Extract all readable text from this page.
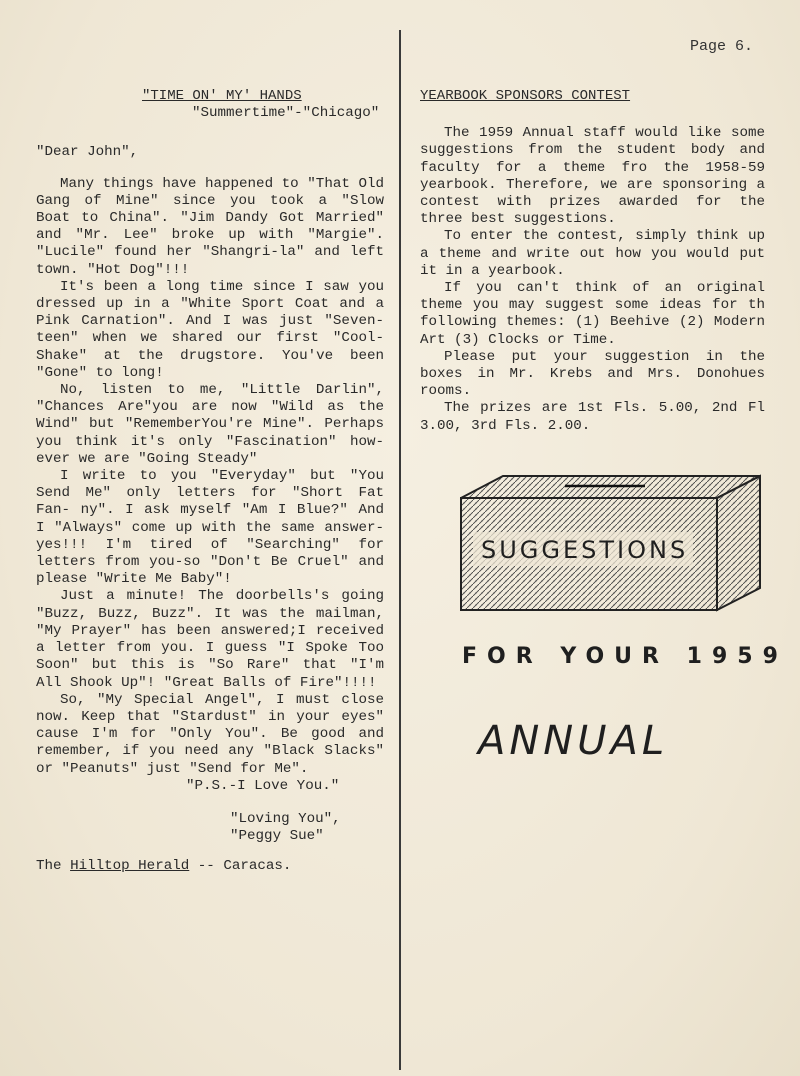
Page 6.
"TIME ON' MY' HANDS
"Summertime"-"Chicago"
"Dear John",

Many things have happened to "That Old Gang of Mine" since you took a "Slow Boat to China". "Jim Dandy Got Married" and "Mr. Lee" broke up with "Margie". "Lucile" found her "Shangri-la" and left town. "Hot Dog"!!!

It's been a long time since I saw you dressed up in a "White Sport Coat and a Pink Carnation". And I was just "Seven- teen" when we shared our first "Cool- Shake" at the drugstore. You've been "Gone" to long!

No, listen to me, "Little Darlin", "Chances Are"you are now "Wild as the Wind" but "RememberYou're Mine". Perhaps you think it's only "Fascination" how- ever we are "Going Steady"

I write to you "Everyday" but "You Send Me" only letters for "Short Fat Fan- ny". I ask myself "Am I Blue?" And I "Always" come up with the same answer- yes!!! I'm tired of "Searching" for letters from you-so "Don't Be Cruel" and please "Write Me Baby"!

Just a minute! The doorbells's going "Buzz, Buzz, Buzz". It was the mailman, "My Prayer" has been answered;I received a letter from you. I guess "I Spoke Too Soon" but this is "So Rare" that "I'm All Shook Up"! "Great Balls of Fire"!!!!

So, "My Special Angel", I must close now. Keep that "Stardust" in your eyes" cause I'm for "Only You". Be good and remember, if you need any "Black Slacks" or "Peanuts" just "Send for Me".

"P.S.-I Love You."
"Loving You",
"Peggy Sue"
The Hilltop Herald -- Caracas.
YEARBOOK SPONSORS CONTEST

The 1959 Annual staff would like some suggestions from the student body and faculty for a theme fro the 1958-59 yearbook. Therefore, we are sponsoring a contest with prizes awarded for the three best suggestions.

To enter the contest, simply think up a theme and write out how you would put it in a yearbook.

If you can't think of an original theme you may suggest some ideas for th following themes: (1) Beehive (2) Modern Art (3) Clocks or Time.

Please put your suggestion in the boxes in Mr. Krebs and Mrs. Donohues rooms.

The prizes are 1st Fls. 5.00, 2nd Fl 3.00, 3rd Fls. 2.00.

SUGGESTIONS
FOR YOUR 1959
ANNUAL
